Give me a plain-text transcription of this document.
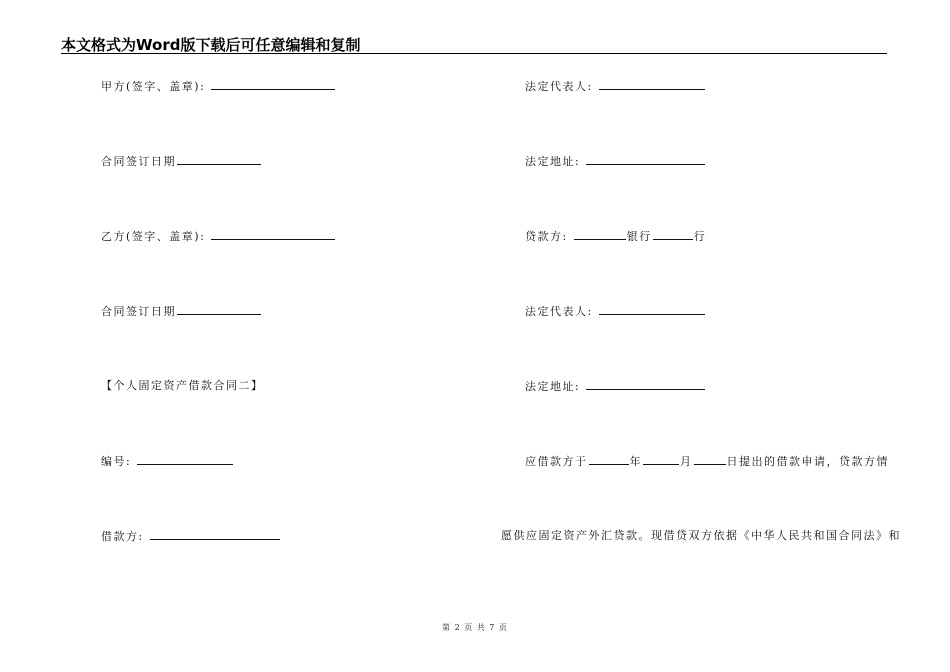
本文格式为Word版下载后可任意编辑和复制
甲方(签字、盖章):
合同签订日期
乙方(签字、盖章):
合同签订日期
【个人固定资产借款合同二】
编号:
借款方:
法定代表人:
法定地址:
贷款方:	银行	行
法定代表人:
法定地址:
应借款方于	年	月	日提出的借款申请，贷款方情
愿供应固定资产外汇贷款。现借贷双方依据《中华人民共和国合同法》和
第 2 页 共 7 页
